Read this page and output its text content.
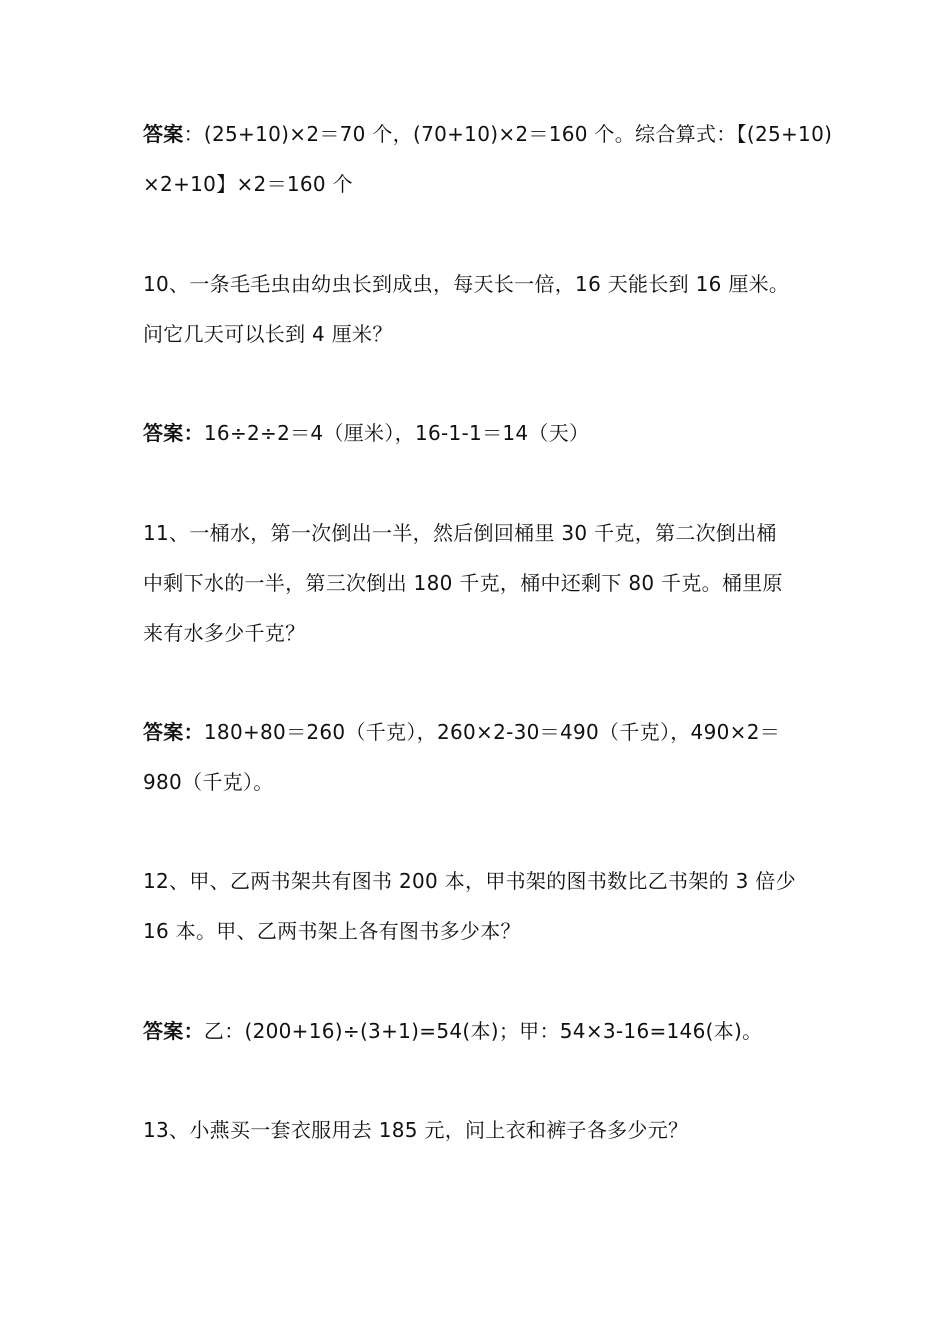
答案：(25+10)×2＝70 个，(70+10)×2＝160 个。综合算式：【(25+10)
×2+10】×2＝160 个
10、一条毛毛虫由幼虫长到成虫，每天长一倍，16 天能长到 16 厘米。
问它几天可以长到 4 厘米？
答案：16÷2÷2＝4（厘米），16-1-1＝14（天）
11、一桶水，第一次倒出一半，然后倒回桶里 30 千克，第二次倒出桶
中剩下水的一半，第三次倒出 180 千克，桶中还剩下 80 千克。桶里原
来有水多少千克？
答案：180+80＝260（千克），260×2-30＝490（千克），490×2＝
980（千克）。
12、甲、乙两书架共有图书 200 本，甲书架的图书数比乙书架的 3 倍少
16 本。甲、乙两书架上各有图书多少本？
答案：乙：(200+16)÷(3+1)=54(本)；甲：54×3-16=146(本)。
13、小燕买一套衣服用去 185 元，问上衣和裤子各多少元？
